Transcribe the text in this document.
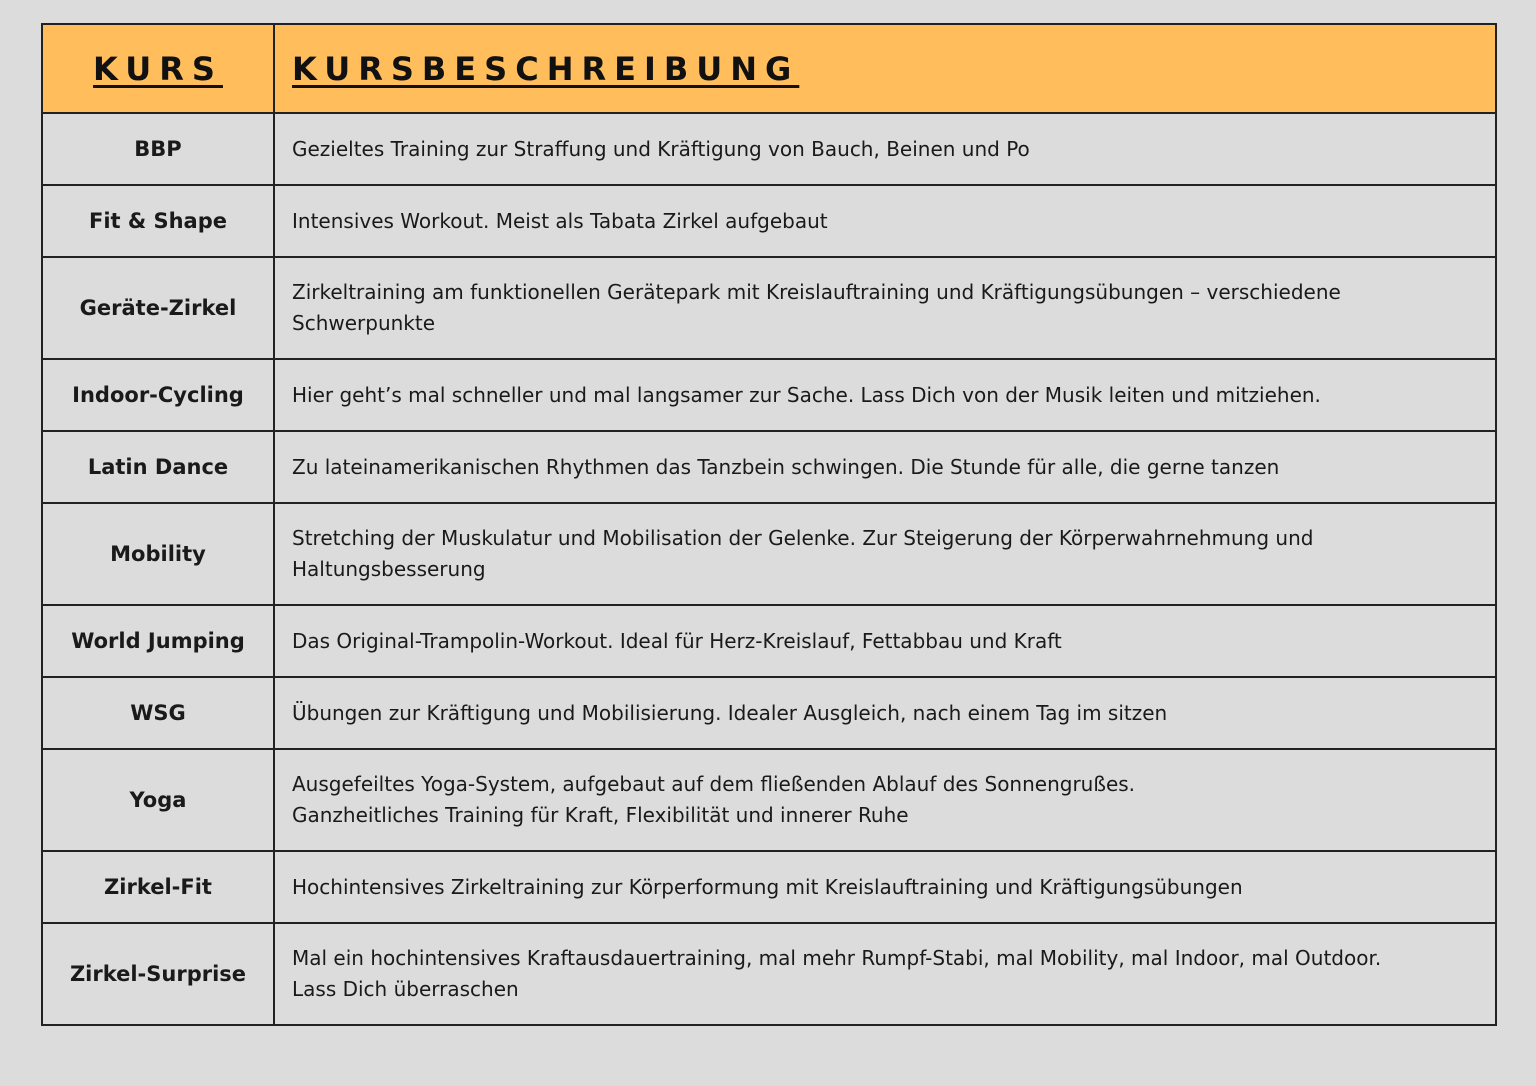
KURS	KURSBESCHREIBUNG
BBP	Gezieltes Training zur Straffung und Kräftigung von Bauch, Beinen und Po
Fit & Shape	Intensives Workout. Meist als Tabata Zirkel aufgebaut
Geräte-Zirkel	Zirkeltraining am funktionellen Gerätepark mit Kreislauftraining und Kräftigungsübungen – verschiedene Schwerpunkte
Indoor-Cycling	Hier geht’s mal schneller und mal langsamer zur Sache. Lass Dich von der Musik leiten und mitziehen.
Latin Dance	Zu lateinamerikanischen Rhythmen das Tanzbein schwingen. Die Stunde für alle, die gerne tanzen
Mobility	Stretching der Muskulatur und Mobilisation der Gelenke. Zur Steigerung der Körperwahrnehmung und Haltungsbesserung
World Jumping	Das Original-Trampolin-Workout. Ideal für Herz-Kreislauf, Fettabbau und Kraft
WSG	Übungen zur Kräftigung und Mobilisierung. Idealer Ausgleich, nach einem Tag im sitzen
Yoga	Ausgefeiltes Yoga-System, aufgebaut auf dem fließenden Ablauf des Sonnengrußes.
Ganzheitliches Training für Kraft, Flexibilität und innerer Ruhe
Zirkel-Fit	Hochintensives Zirkeltraining zur Körperformung mit Kreislauftraining und Kräftigungsübungen
Zirkel-Surprise	Mal ein hochintensives Kraftausdauertraining, mal mehr Rumpf-Stabi, mal Mobility, mal Indoor, mal Outdoor.
Lass Dich überraschen
